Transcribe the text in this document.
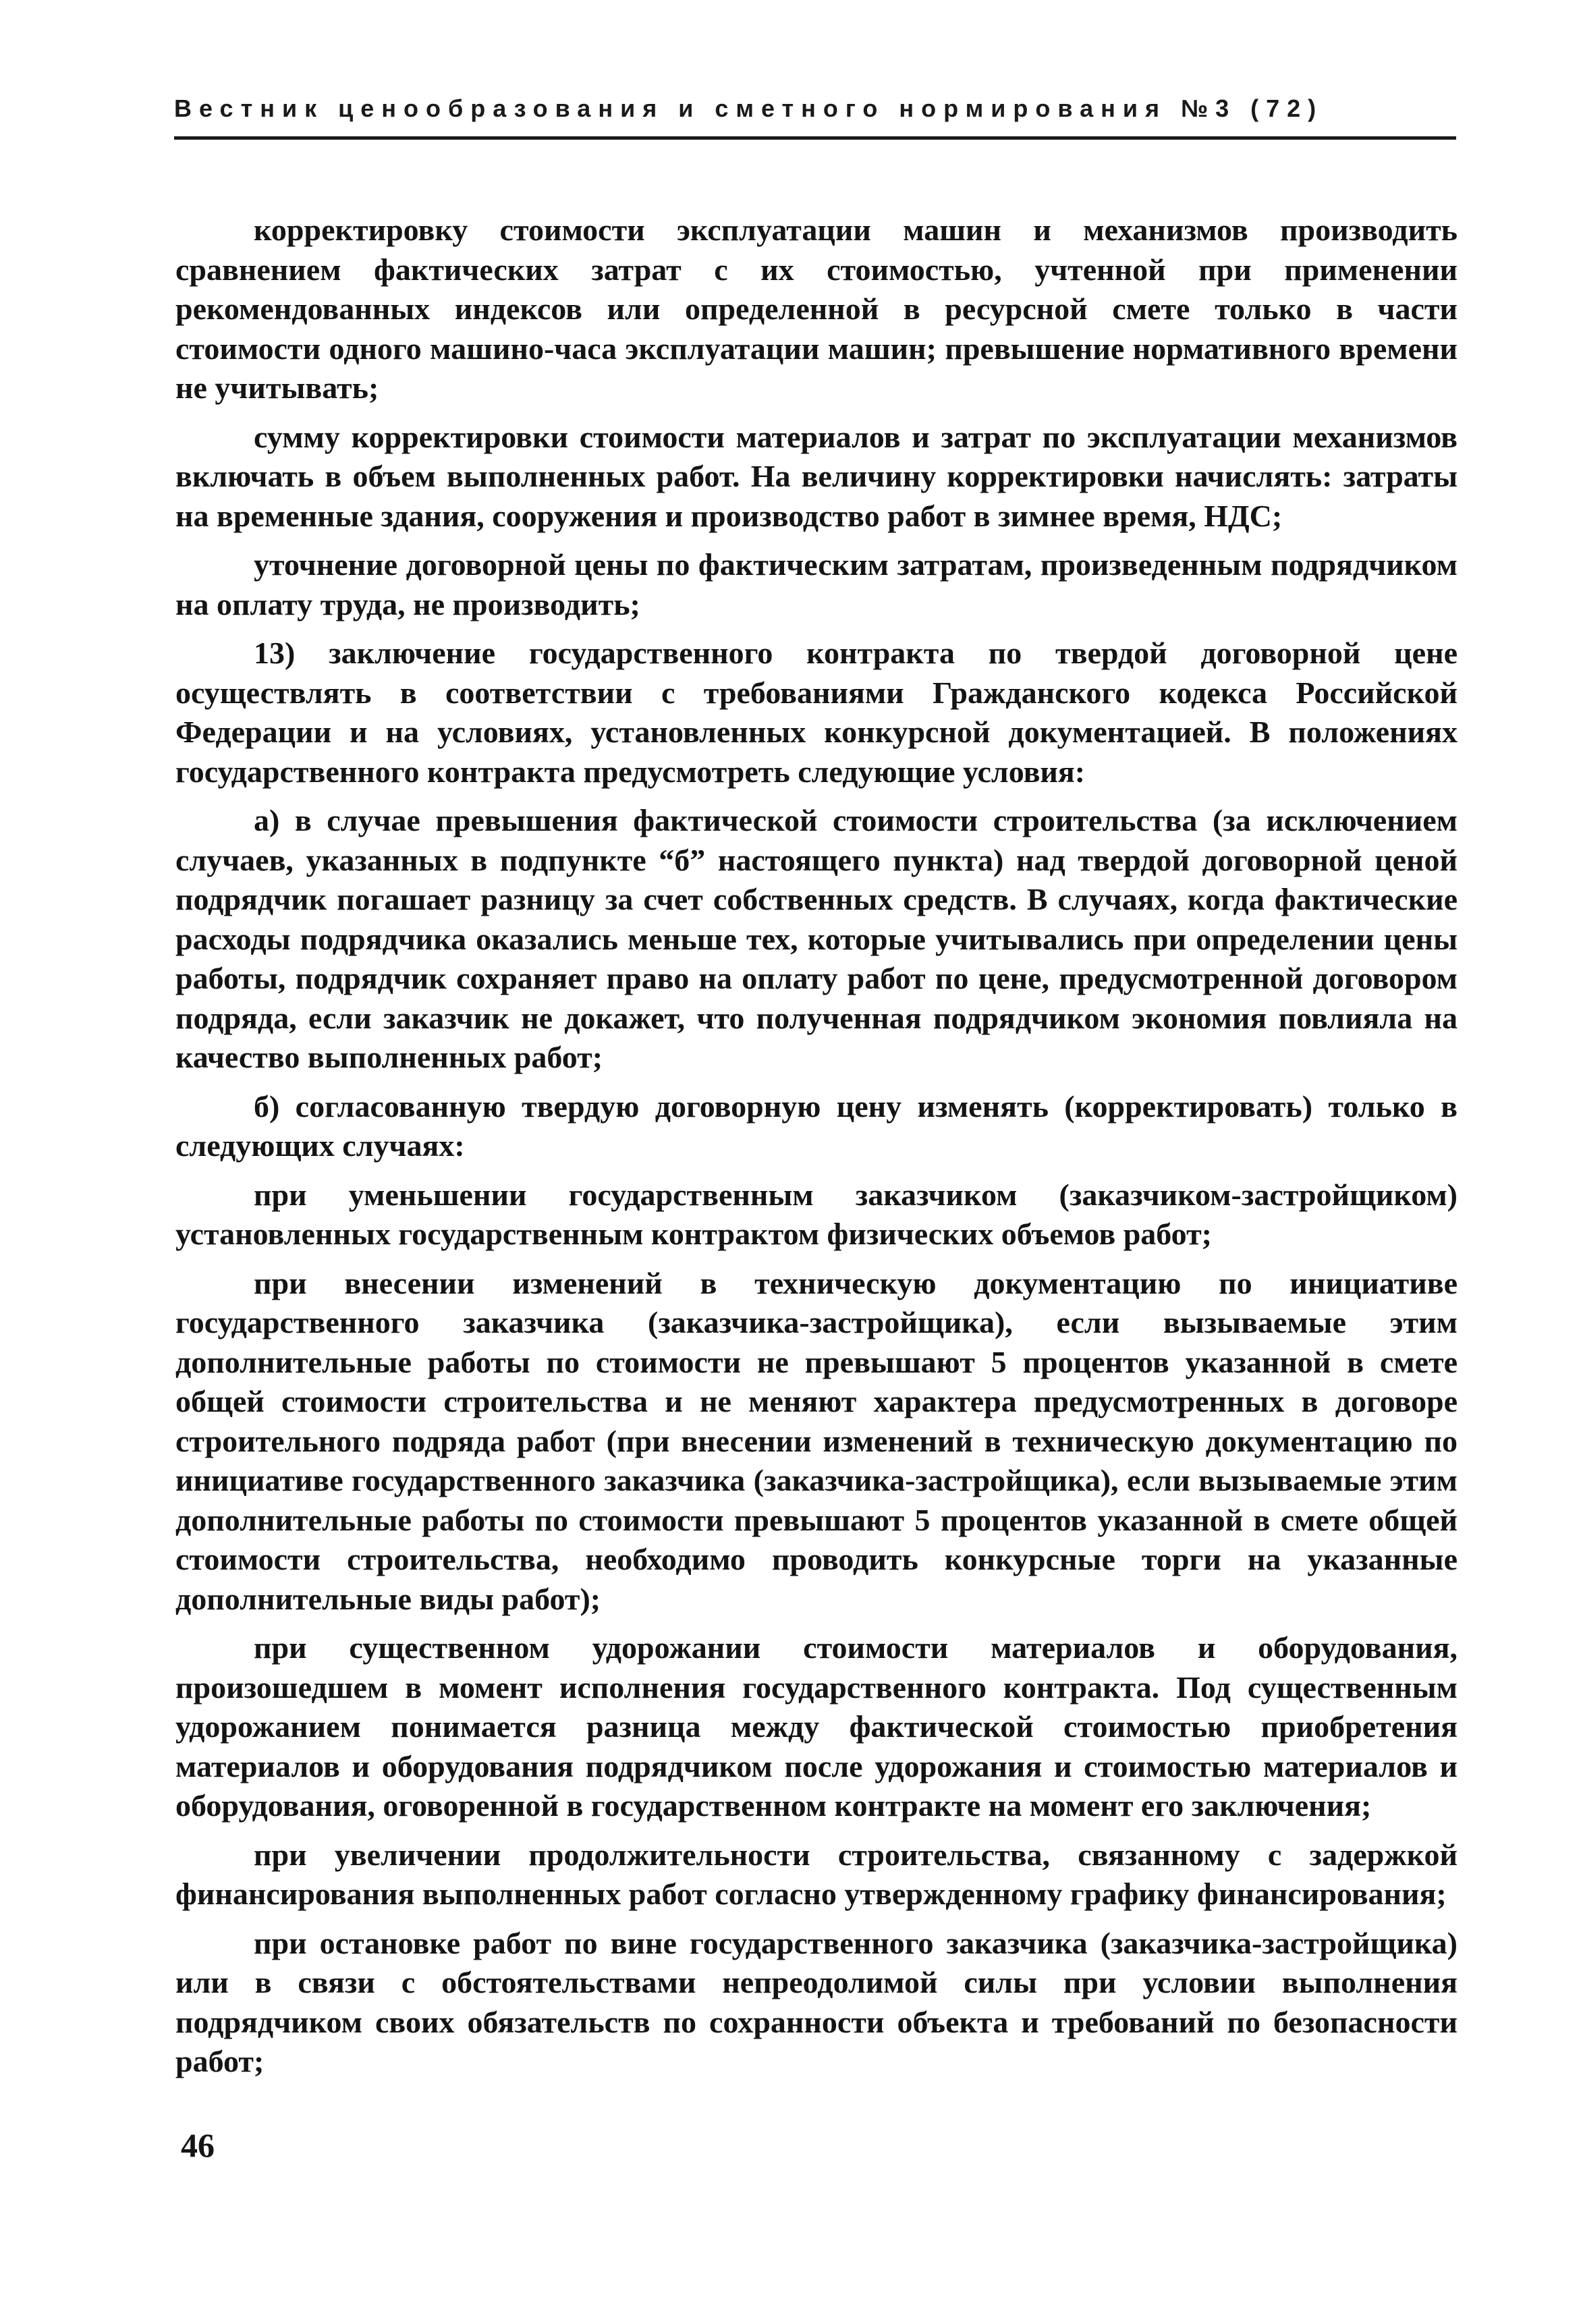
Вестник ценообразования и сметного нормирования №3 (72)

корректировку стоимости эксплуатации машин и механизмов производить сравнением фактических затрат с их стоимостью, учтенной при применении рекомендованных индексов или определенной в ресурсной смете только в части стоимости одного машино-часа эксплуатации машин; превышение нормативного времени не учитывать;

сумму корректировки стоимости материалов и затрат по эксплуатации механизмов включать в объем выполненных работ. На величину корректировки начислять: затраты на временные здания, сооружения и производство работ в зимнее время, НДС;

уточнение договорной цены по фактическим затратам, произведенным подрядчиком на оплату труда, не производить;

13) заключение государственного контракта по твердой договорной цене осуществлять в соответствии с требованиями Гражданского кодекса Российской Федерации и на условиях, установленных конкурсной документацией. В положениях государственного контракта предусмотреть следующие условия:

а) в случае превышения фактической стоимости строительства (за исключением случаев, указанных в подпункте “б” настоящего пункта) над твердой договорной ценой подрядчик погашает разницу за счет собственных средств. В случаях, когда фактические расходы подрядчика оказались меньше тех, которые учитывались при определении цены работы, подрядчик сохраняет право на оплату работ по цене, предусмотренной договором подряда, если заказчик не докажет, что полученная подрядчиком экономия повлияла на качество выполненных работ;

б) согласованную твердую договорную цену изменять (корректировать) только в следующих случаях:

при уменьшении государственным заказчиком (заказчиком-застройщиком) установленных государственным контрактом физических объемов работ;

при внесении изменений в техническую документацию по инициативе государственного заказчика (заказчика-застройщика), если вызываемые этим дополнительные работы по стоимости не превышают 5 процентов указанной в смете общей стоимости строительства и не меняют характера предусмотренных в договоре строительного подряда работ (при внесении изменений в техническую документацию по инициативе государственного заказчика (заказчика-застройщика), если вызываемые этим дополнительные работы по стоимости превышают 5 процентов указанной в смете общей стоимости строительства, необходимо проводить конкурсные торги на указанные дополнительные виды работ);

при существенном удорожании стоимости материалов и оборудования, произошедшем в момент исполнения государственного контракта. Под существенным удорожанием понимается разница между фактической стоимостью приобретения материалов и оборудования подрядчиком после удорожания и стоимостью материалов и оборудования, оговоренной в государственном контракте на момент его заключения;

при увеличении продолжительности строительства, связанному с задержкой финансирования выполненных работ согласно утвержденному графику финансирования;

при остановке работ по вине государственного заказчика (заказчика-застройщика) или в связи с обстоятельствами непреодолимой силы при условии выполнения подрядчиком своих обязательств по сохранности объекта и требований по безопасности работ;

46
